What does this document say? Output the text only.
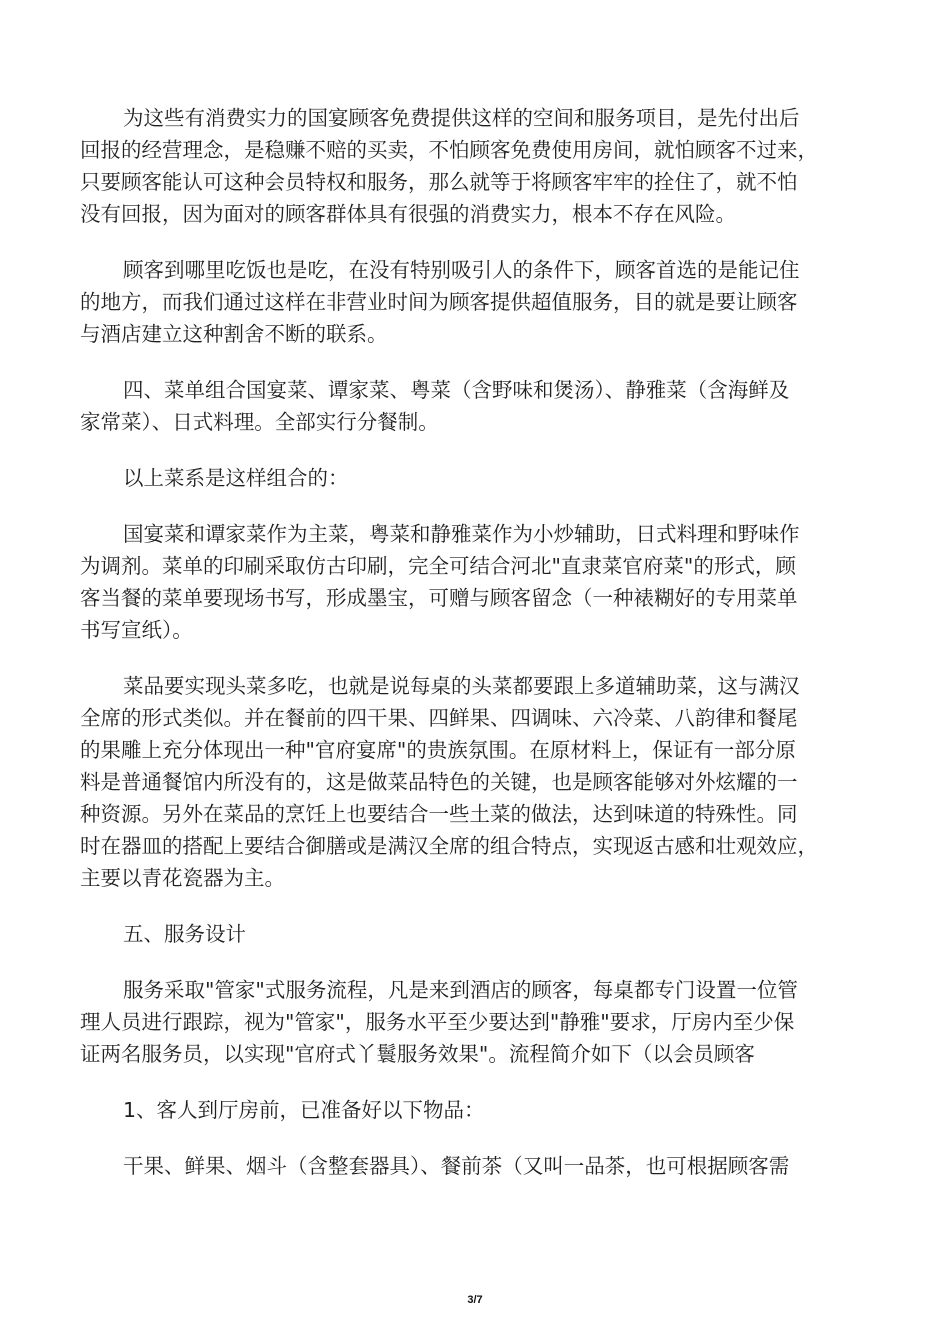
为这些有消费实力的国宴顾客免费提供这样的空间和服务项目，是先付出后
回报的经营理念，是稳赚不赔的买卖，不怕顾客免费使用房间，就怕顾客不过来，
只要顾客能认可这种会员特权和服务，那么就等于将顾客牢牢的拴住了，就不怕
没有回报，因为面对的顾客群体具有很强的消费实力，根本不存在风险。

顾客到哪里吃饭也是吃，在没有特别吸引人的条件下，顾客首选的是能记住
的地方，而我们通过这样在非营业时间为顾客提供超值服务，目的就是要让顾客
与酒店建立这种割舍不断的联系。

四、菜单组合国宴菜、谭家菜、粤菜（含野味和煲汤）、静雅菜（含海鲜及
家常菜）、日式料理。全部实行分餐制。

以上菜系是这样组合的：

国宴菜和谭家菜作为主菜，粤菜和静雅菜作为小炒辅助，日式料理和野味作
为调剂。菜单的印刷采取仿古印刷，完全可结合河北"直隶菜官府菜"的形式，顾
客当餐的菜单要现场书写，形成墨宝，可赠与顾客留念（一种裱糊好的专用菜单
书写宣纸）。

菜品要实现头菜多吃，也就是说每桌的头菜都要跟上多道辅助菜，这与满汉
全席的形式类似。并在餐前的四干果、四鲜果、四调味、六冷菜、八韵律和餐尾
的果雕上充分体现出一种"官府宴席"的贵族氛围。在原材料上，保证有一部分原
料是普通餐馆内所没有的，这是做菜品特色的关键，也是顾客能够对外炫耀的一
种资源。另外在菜品的烹饪上也要结合一些土菜的做法，达到味道的特殊性。同
时在器皿的搭配上要结合御膳或是满汉全席的组合特点，实现返古感和壮观效应，
主要以青花瓷器为主。

五、服务设计

服务采取"管家"式服务流程，凡是来到酒店的顾客，每桌都专门设置一位管
理人员进行跟踪，视为"管家"，服务水平至少要达到"静雅"要求，厅房内至少保
证两名服务员，以实现"官府式丫鬟服务效果"。流程简介如下（以会员顾客

1、客人到厅房前，已准备好以下物品：

干果、鲜果、烟斗（含整套器具）、餐前茶（又叫一品茶，也可根据顾客需

3/7
